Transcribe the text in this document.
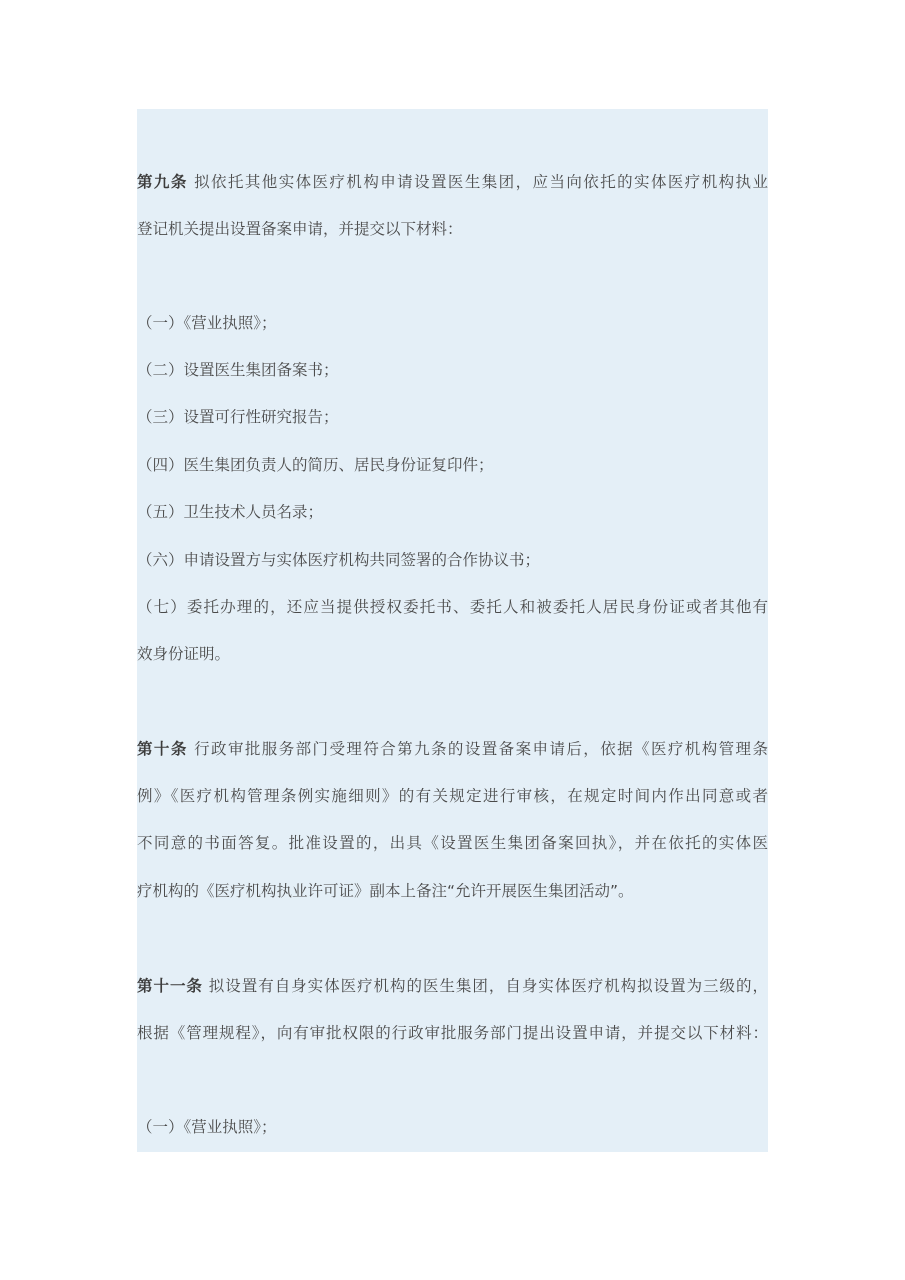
第九条 拟依托其他实体医疗机构申请设置医生集团，应当向依托的实体医疗机构执业
登记机关提出设置备案申请，并提交以下材料：
（一）《营业执照》；
（二）设置医生集团备案书；
（三）设置可行性研究报告；
（四）医生集团负责人的简历、居民身份证复印件；
（五）卫生技术人员名录；
（六）申请设置方与实体医疗机构共同签署的合作协议书；
（七）委托办理的，还应当提供授权委托书、委托人和被委托人居民身份证或者其他有
效身份证明。
第十条 行政审批服务部门受理符合第九条的设置备案申请后，依据《医疗机构管理条
例》《医疗机构管理条例实施细则》的有关规定进行审核，在规定时间内作出同意或者
不同意的书面答复。批准设置的，出具《设置医生集团备案回执》，并在依托的实体医
疗机构的《医疗机构执业许可证》副本上备注“允许开展医生集团活动”。
第十一条 拟设置有自身实体医疗机构的医生集团，自身实体医疗机构拟设置为三级的，
根据《管理规程》，向有审批权限的行政审批服务部门提出设置申请，并提交以下材料：
（一）《营业执照》；
